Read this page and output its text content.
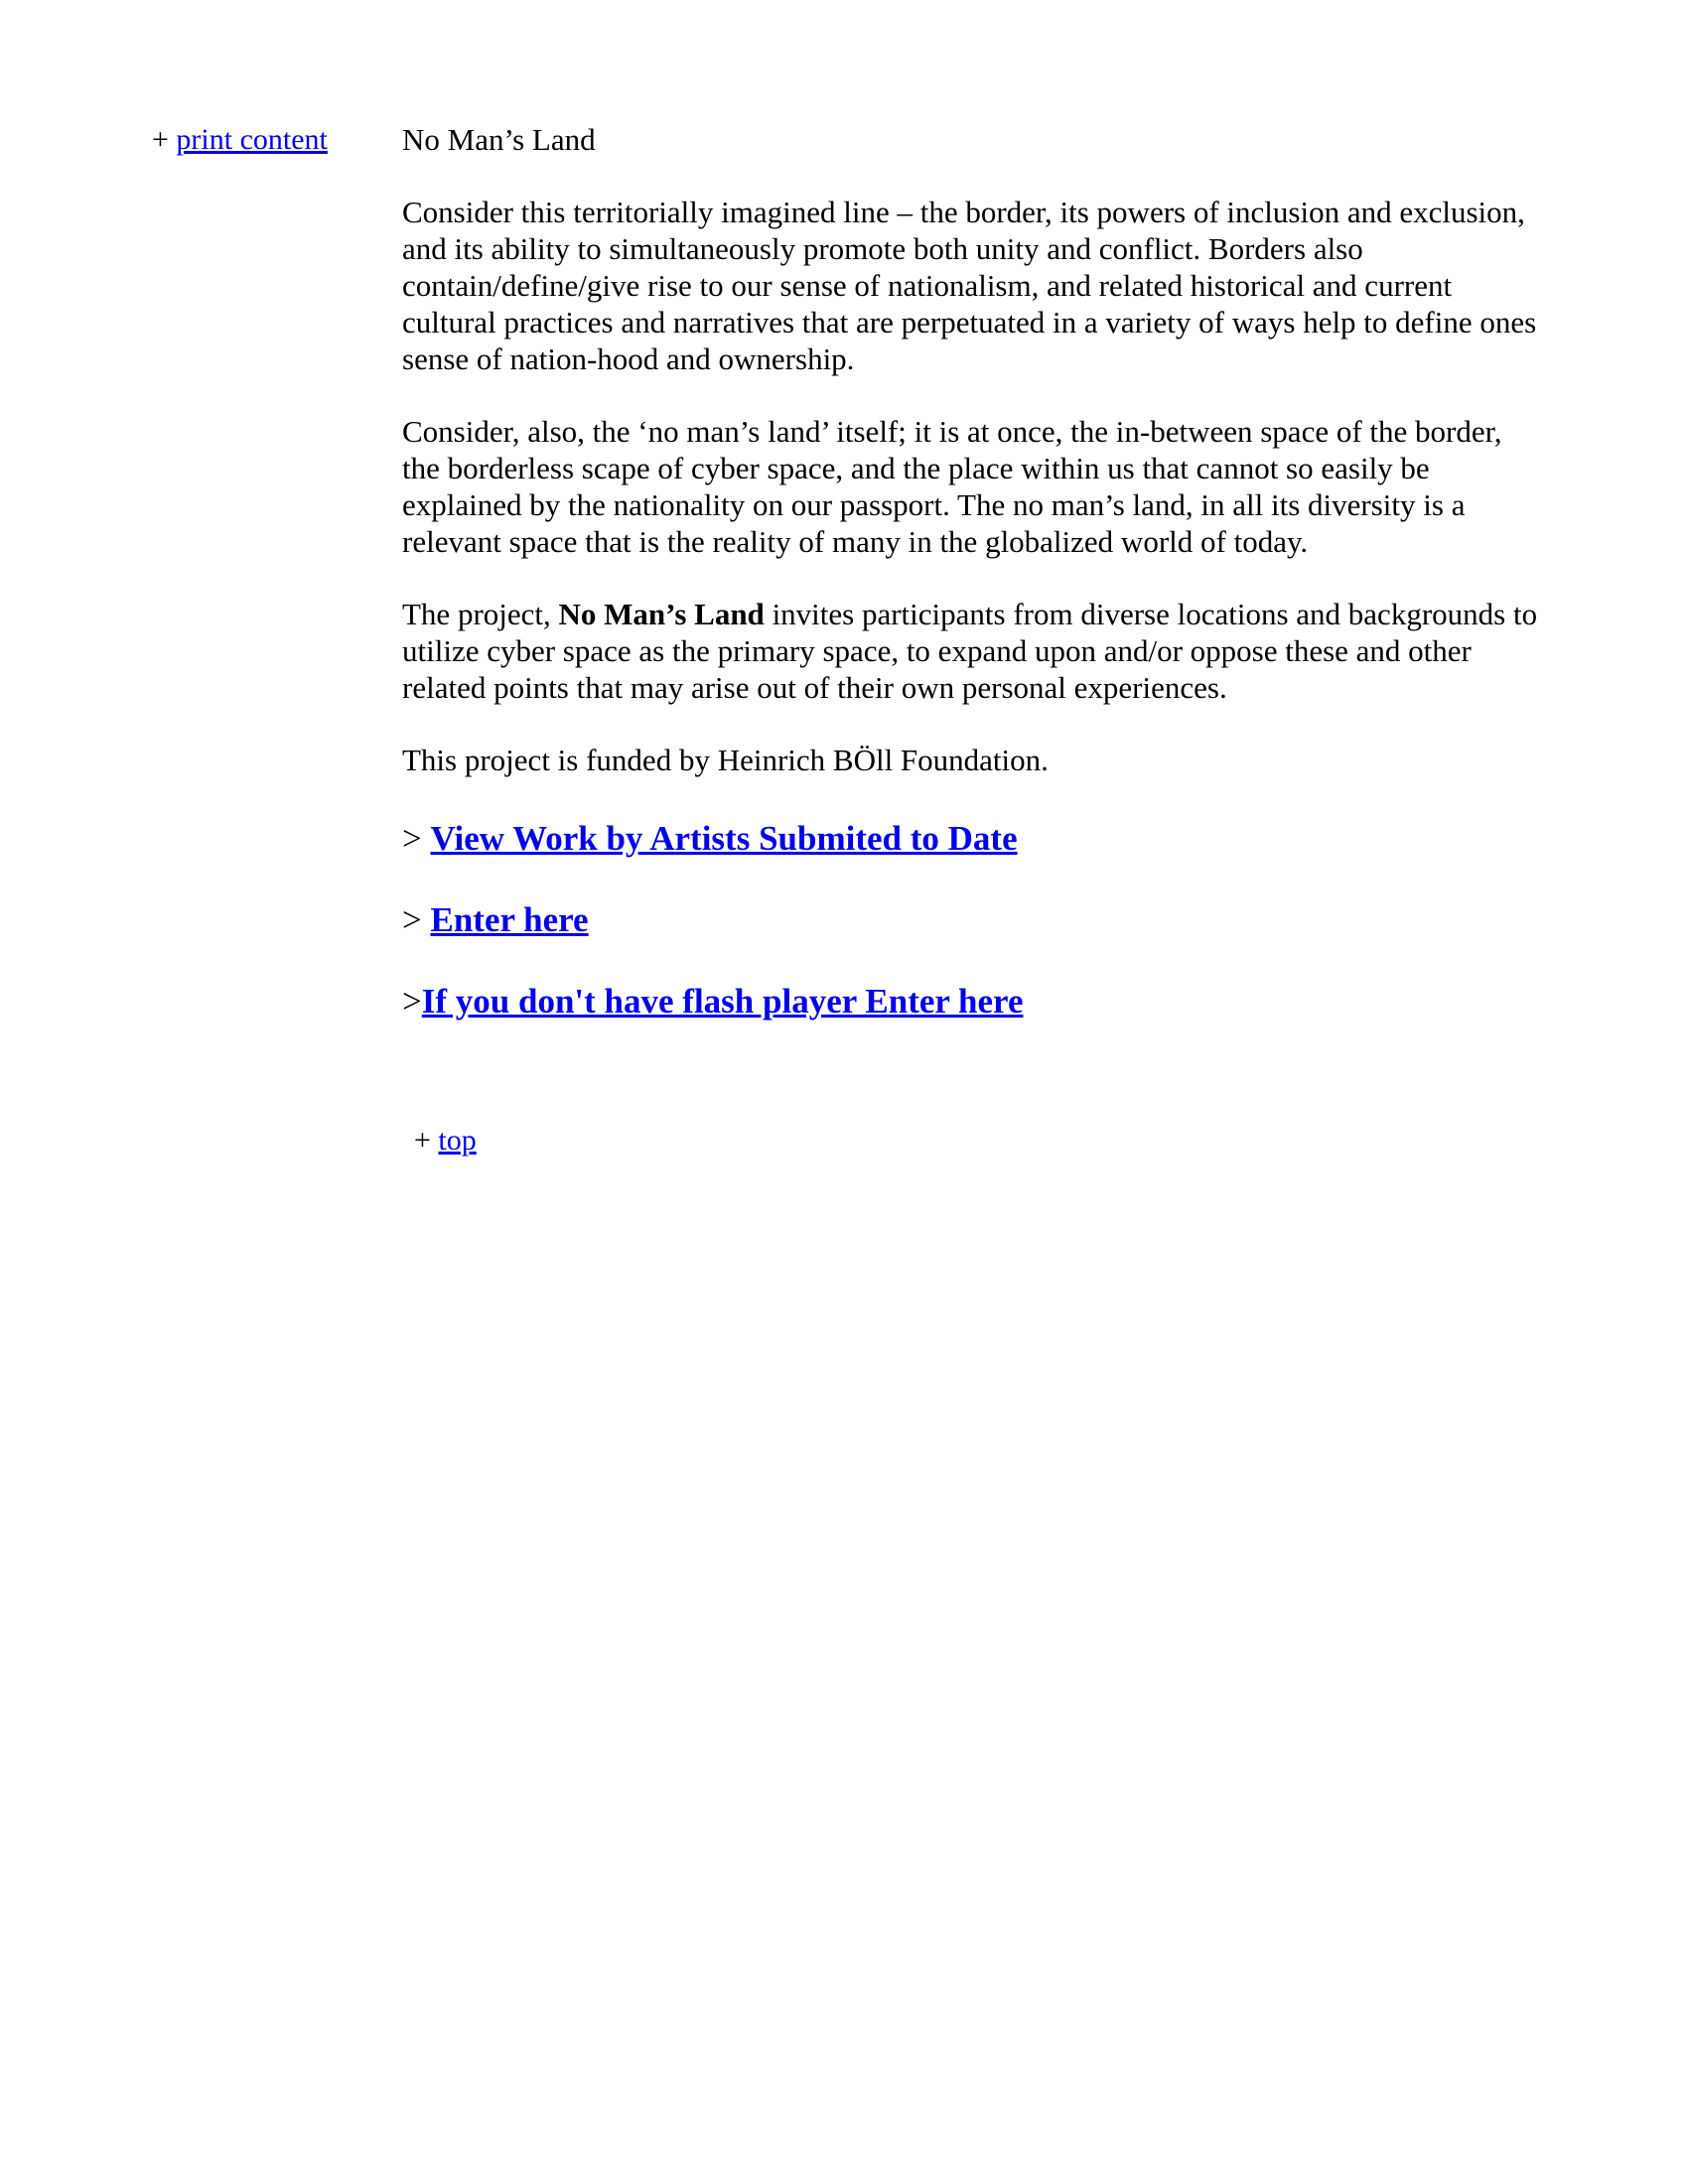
+ print content	No Man’s Land

Consider this territorially imagined line – the border, its powers of inclusion and exclusion, and its ability to simultaneously promote both unity and conflict. Borders also contain/define/give rise to our sense of nationalism, and related historical and current cultural practices and narratives that are perpetuated in a variety of ways help to define ones sense of nation-hood and ownership.

Consider, also, the ‘no man’s land’ itself; it is at once, the in-between space of the border, the borderless scape of cyber space, and the place within us that cannot so easily be explained by the nationality on our passport. The no man’s land, in all its diversity is a relevant space that is the reality of many in the globalized world of today.

The project, No Man’s Land invites participants from diverse locations and backgrounds to utilize cyber space as the primary space, to expand upon and/or oppose these and other related points that may arise out of their own personal experiences.

This project is funded by Heinrich BÖll Foundation.

> View Work by Artists Submited to Date

> Enter here

>If you don't have flash player Enter here

+ top
